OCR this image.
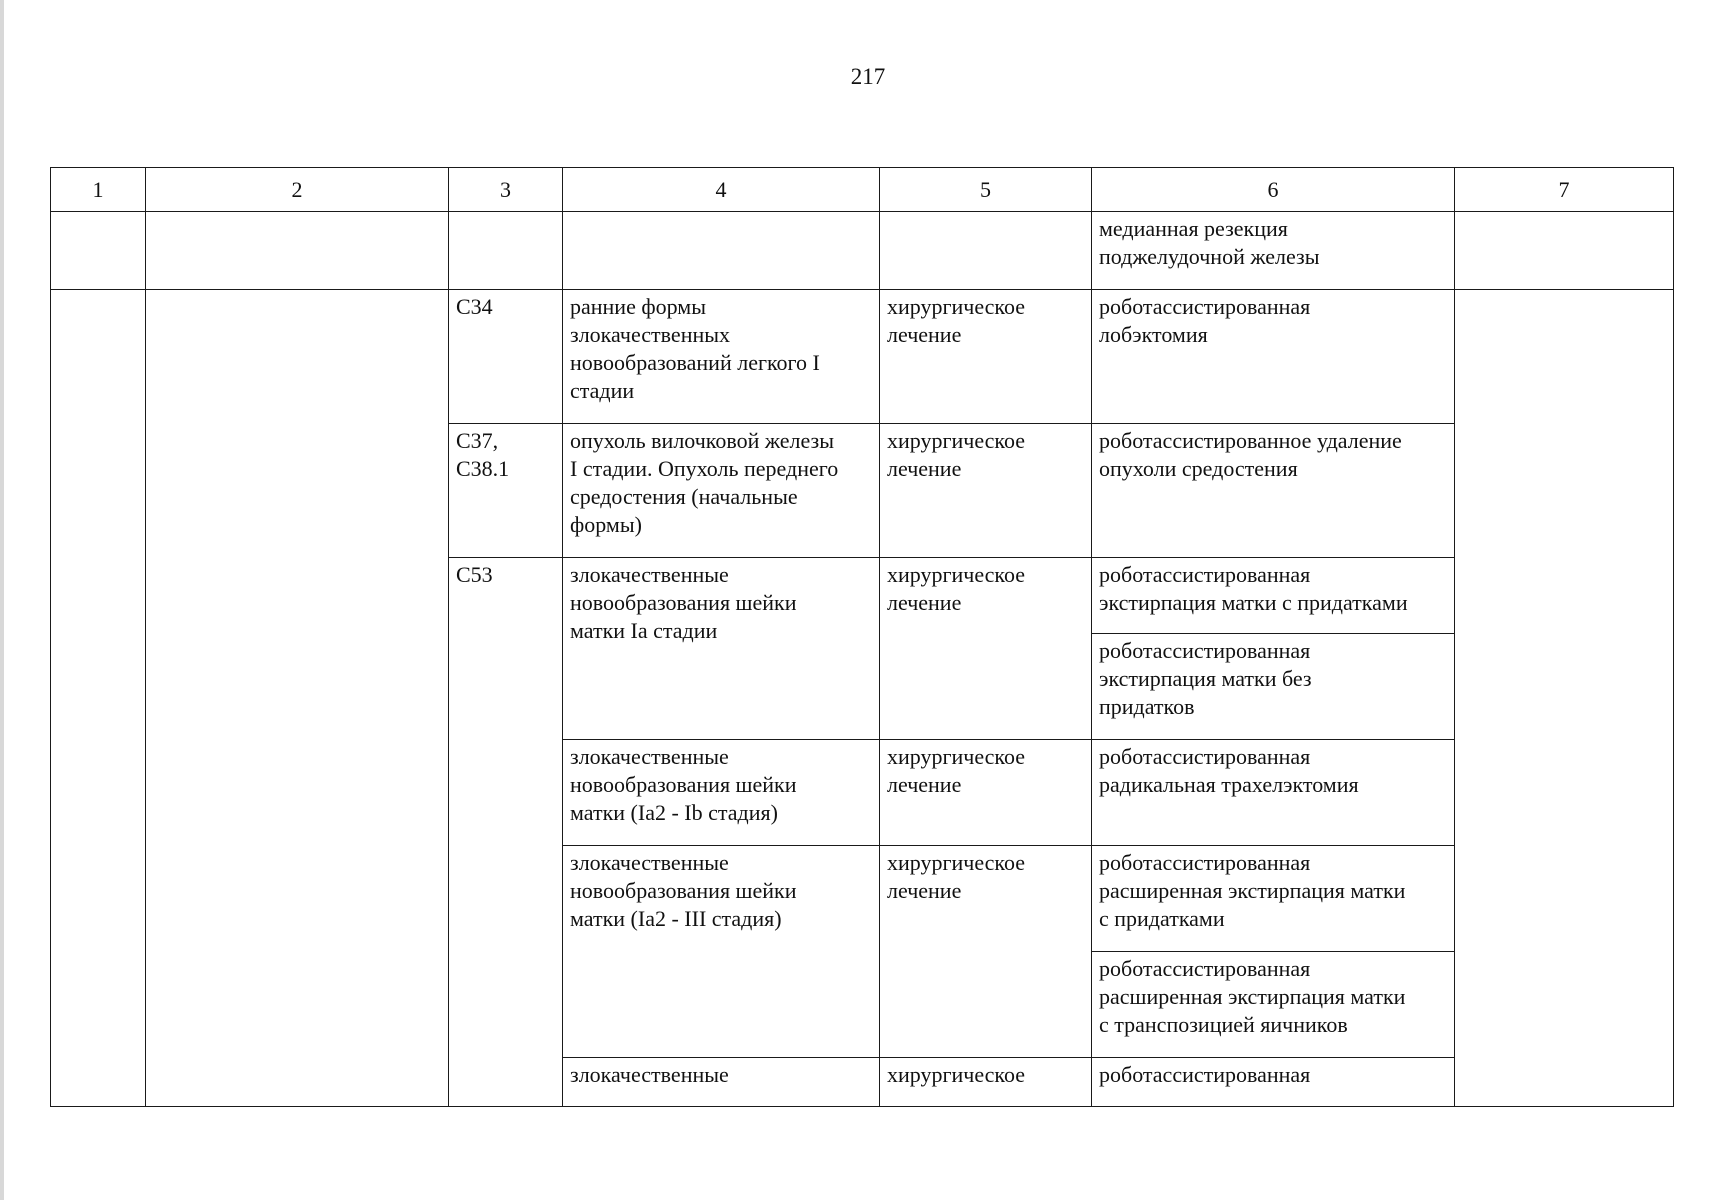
217
1	2	3	4	5	6	7

					медианная резекция
поджелудочной железы	

		C34	ранние формы
злокачественных
новообразований легкого I
стадии	хирургическое
лечение	роботассистированная
лобэктомия	

		C37,
C38.1	опухоль вилочковой железы
I стадии. Опухоль переднего
средостения (начальные
формы)	хирургическое
лечение	роботассистированное удаление
опухоли средостения	

		C53	злокачественные
новообразования шейки
матки Ia стадии	хирургическое
лечение	роботассистированная
экстирпация матки с придатками	

					роботассистированная
экстирпация матки без
придатков	

			злокачественные
новообразования шейки
матки (Ia2 - Ib стадия)	хирургическое
лечение	роботассистированная
радикальная трахелэктомия	

			злокачественные
новообразования шейки
матки (Ia2 - III стадия)	хирургическое
лечение	роботассистированная
расширенная экстирпация матки
с придатками	

					роботассистированная
расширенная экстирпация матки
с транспозицией яичников	

			злокачественные	хирургическое	роботассистированная	
